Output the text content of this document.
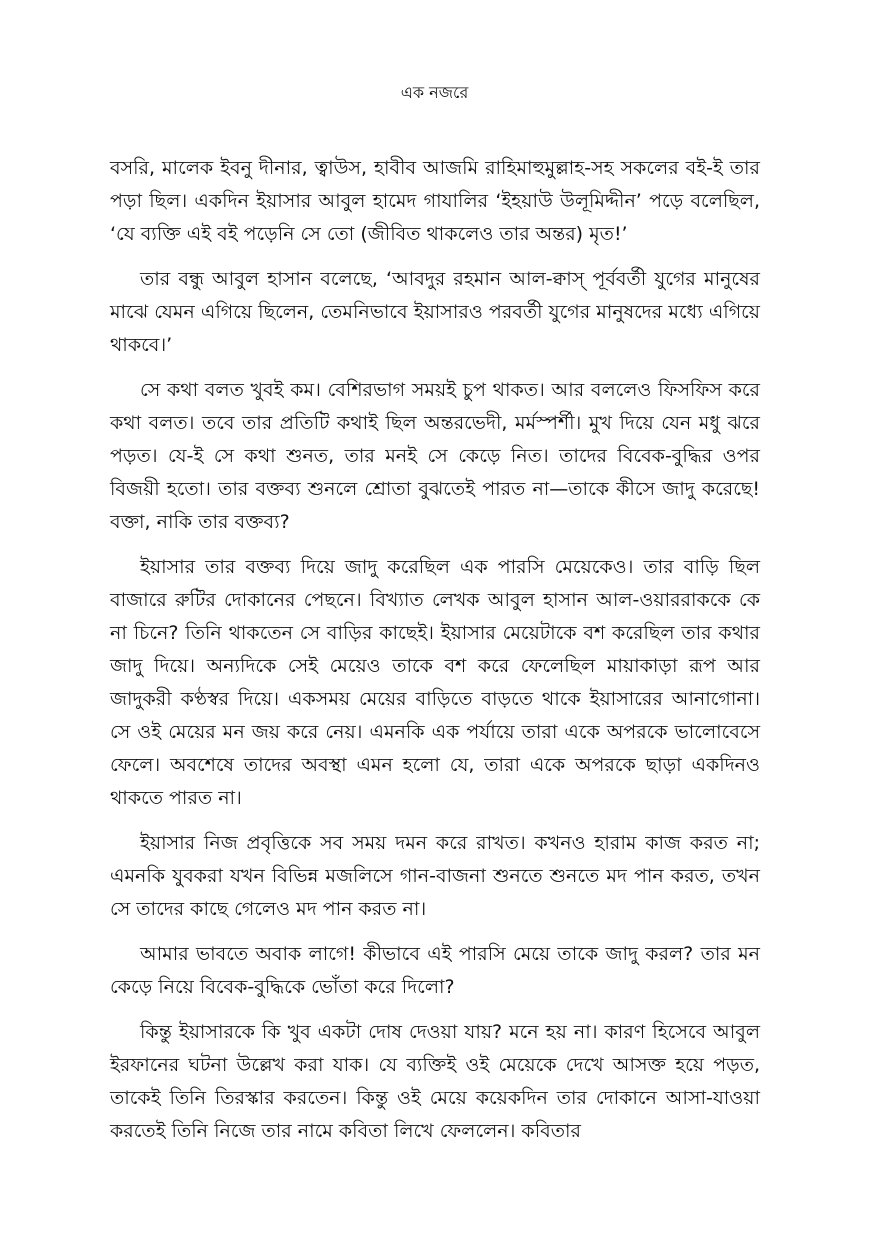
এক নজরে

বসরি, মালেক ইবনু দীনার, ত্বাউস, হাবীব আজমি রাহিমাহুমুল্লাহ-সহ সকলের বই-ই তার পড়া ছিল। একদিন ইয়াসার আবুল হামেদ গাযালির ‘ইহয়াউ উলূমিদ্দীন’ পড়ে বলেছিল, ‘যে ব্যক্তি এই বই পড়েনি সে তো (জীবিত থাকলেও তার অন্তর) মৃত!’

তার বন্ধু আবুল হাসান বলেছে, ‘আবদুর রহমান আল-ক্বাস্ পূর্ববর্তী যুগের মানুষের মাঝে যেমন এগিয়ে ছিলেন, তেমনিভাবে ইয়াসারও পরবর্তী যুগের মানুষদের মধ্যে এগিয়ে থাকবে।’

সে কথা বলত খুবই কম। বেশিরভাগ সময়ই চুপ থাকত। আর বললেও ফিসফিস করে কথা বলত। তবে তার প্রতিটি কথাই ছিল অন্তরভেদী, মর্মস্পর্শী। মুখ দিয়ে যেন মধু ঝরে পড়ত। যে-ই সে কথা শুনত, তার মনই সে কেড়ে নিত। তাদের বিবেক-বুদ্ধির ওপর বিজয়ী হতো। তার বক্তব্য শুনলে শ্রোতা বুঝতেই পারত না—তাকে কীসে জাদু করেছে! বক্তা, নাকি তার বক্তব্য?

ইয়াসার তার বক্তব্য দিয়ে জাদু করেছিল এক পারসি মেয়েকেও। তার বাড়ি ছিল বাজারে রুটির দোকানের পেছনে। বিখ্যাত লেখক আবুল হাসান আল-ওয়াররাককে কে না চিনে? তিনি থাকতেন সে বাড়ির কাছেই। ইয়াসার মেয়েটাকে বশ করেছিল তার কথার জাদু দিয়ে। অন্যদিকে সেই মেয়েও তাকে বশ করে ফেলেছিল মায়াকাড়া রূপ আর জাদুকরী কণ্ঠস্বর দিয়ে। একসময় মেয়ের বাড়িতে বাড়তে থাকে ইয়াসারের আনাগোনা। সে ওই মেয়ের মন জয় করে নেয়। এমনকি এক পর্যায়ে তারা একে অপরকে ভালোবেসে ফেলে। অবশেষে তাদের অবস্থা এমন হলো যে, তারা একে অপরকে ছাড়া একদিনও থাকতে পারত না।

ইয়াসার নিজ প্রবৃত্তিকে সব সময় দমন করে রাখত। কখনও হারাম কাজ করত না; এমনকি যুবকরা যখন বিভিন্ন মজলিসে গান-বাজনা শুনতে শুনতে মদ পান করত, তখন সে তাদের কাছে গেলেও মদ পান করত না।

আমার ভাবতে অবাক লাগে! কীভাবে এই পারসি মেয়ে তাকে জাদু করল? তার মন কেড়ে নিয়ে বিবেক-বুদ্ধিকে ভোঁতা করে দিলো?

কিন্তু ইয়াসারকে কি খুব একটা দোষ দেওয়া যায়? মনে হয় না। কারণ হিসেবে আবুল ইরফানের ঘটনা উল্লেখ করা যাক। যে ব্যক্তিই ওই মেয়েকে দেখে আসক্ত হয়ে পড়ত, তাকেই তিনি তিরস্কার করতেন। কিন্তু ওই মেয়ে কয়েকদিন তার দোকানে আসা-যাওয়া করতেই তিনি নিজে তার নামে কবিতা লিখে ফেললেন। কবিতার
